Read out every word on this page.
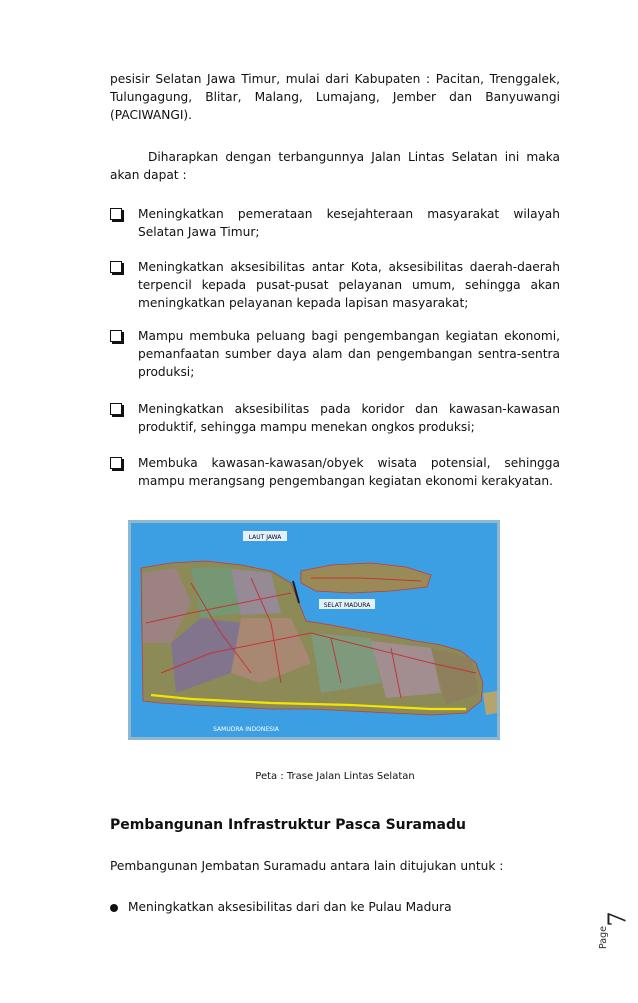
pesisir Selatan Jawa Timur, mulai dari Kabupaten : Pacitan, Trenggalek, Tulungagung, Blitar, Malang, Lumajang, Jember dan Banyuwangi (PACIWANGI).
Diharapkan dengan terbangunnya Jalan Lintas Selatan ini maka akan dapat :
Meningkatkan pemerataan kesejahteraan masyarakat wilayah Selatan Jawa Timur;
Meningkatkan aksesibilitas antar Kota, aksesibilitas daerah-daerah terpencil kepada pusat-pusat pelayanan umum, sehingga akan meningkatkan pelayanan kepada lapisan masyarakat;
Mampu membuka peluang bagi pengembangan kegiatan ekonomi, pemanfaatan sumber daya alam dan pengembangan sentra-sentra produksi;
Meningkatkan aksesibilitas pada koridor dan kawasan-kawasan produktif, sehingga mampu menekan ongkos produksi;
Membuka kawasan-kawasan/obyek wisata potensial, sehingga mampu merangsang pengembangan kegiatan ekonomi kerakyatan.
LAUT JAWA
SELAT MADURA
SAMUDRA INDONESIA
Peta : Trase Jalan Lintas Selatan
Pembangunan Infrastruktur Pasca Suramadu
Pembangunan Jembatan Suramadu antara lain ditujukan untuk :
Meningkatkan aksesibilitas dari dan ke Pulau Madura
Page
7
